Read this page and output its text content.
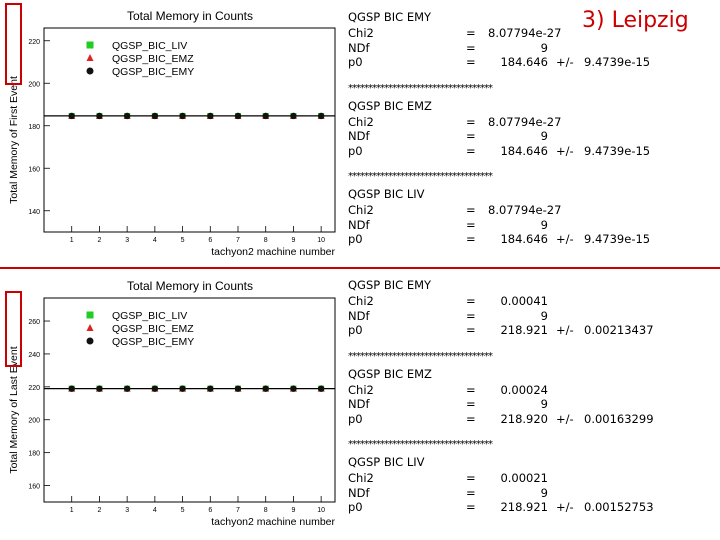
Total Memory in Counts
140
160
180
200
220
1	2	3	4	5	6	7	8	9	10
tachyon2 machine number
Total Memory of First Event
QGSP_BIC_LIV
QGSP_BIC_EMZ
QGSP_BIC_EMY
Total Memory in Counts
160
180
200
220
240
260
1	2	3	4	5	6	7	8	9	10
tachyon2 machine number
Total Memory of Last Event
QGSP_BIC_LIV
QGSP_BIC_EMZ
QGSP_BIC_EMY
3) Leipzig
QGSP BIC EMY
Chi2	= 8.07794e-27
NDf	=	9
p0	=	184.646 +/- 9.4739e-15
************************************
QGSP BIC EMZ
Chi2	= 8.07794e-27
NDf	=	9
p0	=	184.646 +/- 9.4739e-15
************************************
QGSP BIC LIV
Chi2	= 8.07794e-27
NDf	=	9
p0	=	184.646 +/- 9.4739e-15
QGSP BIC EMY
Chi2	=	0.00041
NDf	=	9
p0	=	218.921 +/- 0.00213437
************************************
QGSP BIC EMZ
Chi2	=	0.00024
NDf	=	9
p0	=	218.920 +/- 0.00163299
************************************
QGSP BIC LIV
Chi2	=	0.00021
NDf	=	9
p0	=	218.921 +/- 0.00152753
